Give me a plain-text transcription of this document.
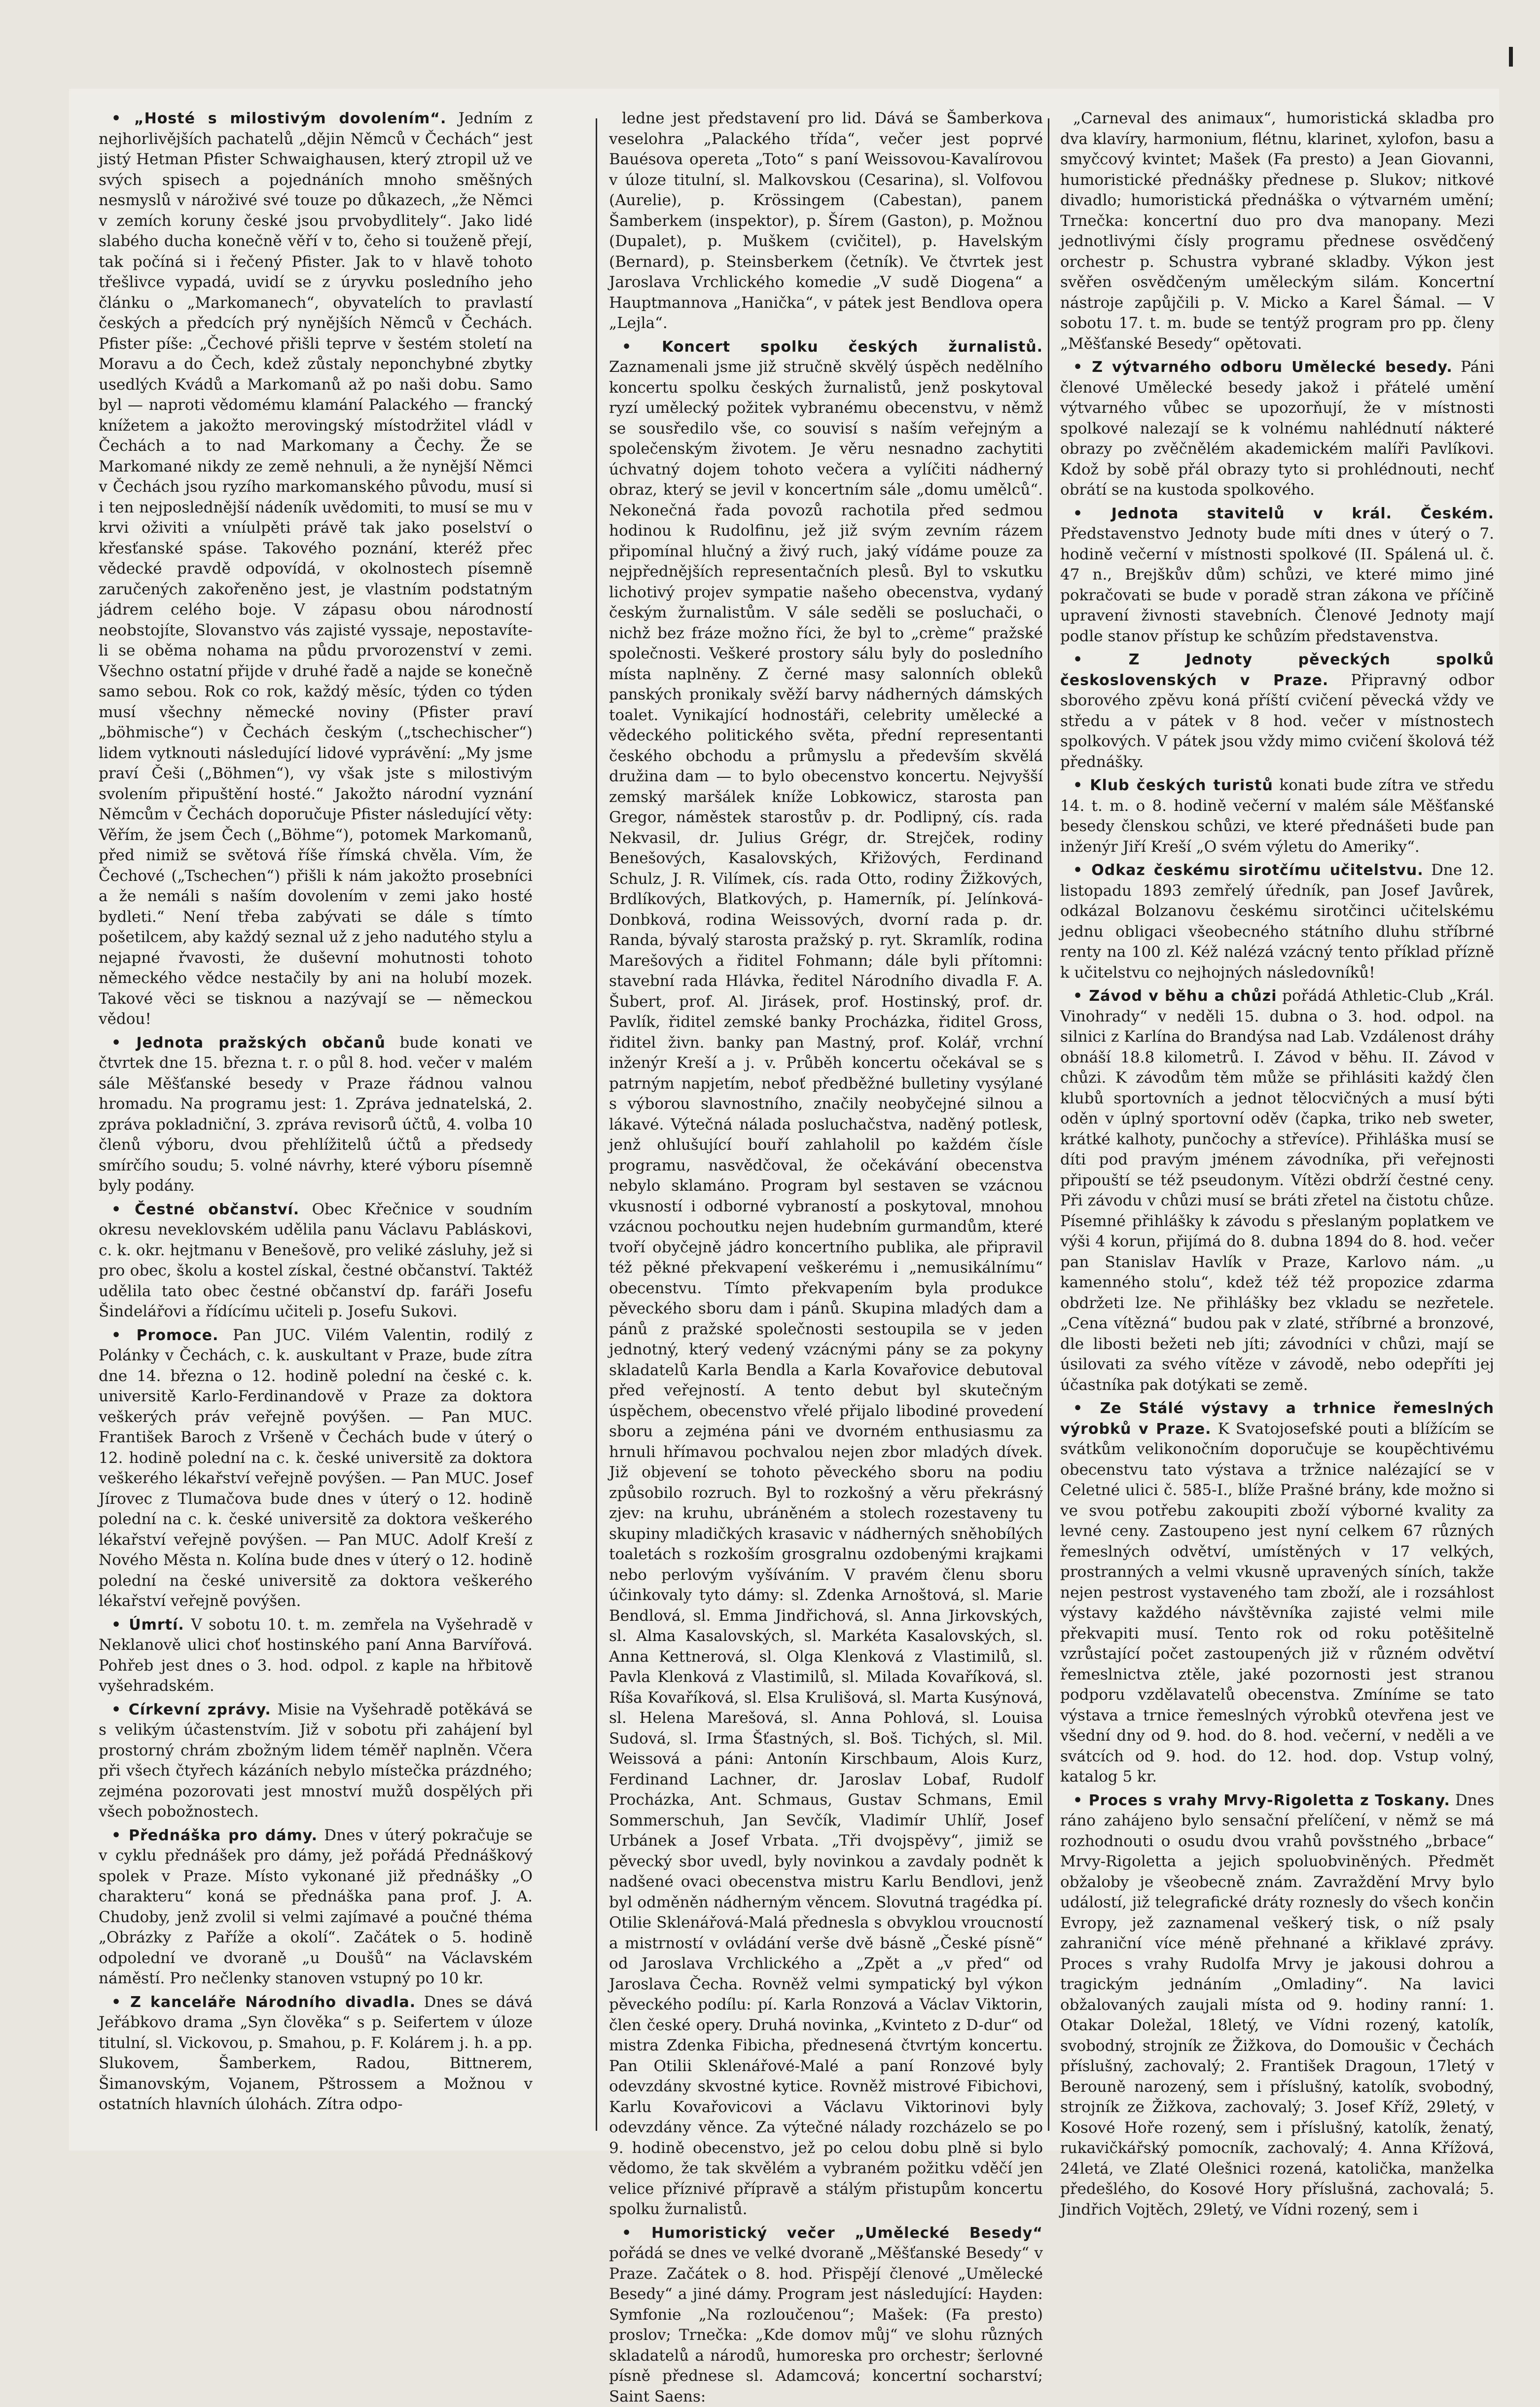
• „Hosté s milostivým dovolením“. Jedním z nejhorlivějších pachatelů „dějin Němců v Čechách“ jest jistý Hetman Pfister Schwaighausen, který ztropil už ve svých spisech a pojednáních mnoho směšných nesmyslů v nároživé své touze po důkazech, „že Němci v zemích koruny české jsou prvobydlitely“. Jako lidé slabého ducha konečně věří v to, čeho si touženě přejí, tak počíná si i řečený Pfister. Jak to v hlavě tohoto třešlivce vypadá, uvidí se z úryvku posledního jeho článku o „Markomanech“, obyvatelích to pravlastí českých a předcích prý nynějších Němců v Čechách. Pfister píše: „Čechové přišli teprve v šestém století na Moravu a do Čech, kdež zůstaly neponchybné zbytky usedlých Kvádů a Markomanů až po naši dobu. Samo byl — naproti vědomému klamání Palackého — francký knížetem a jakožto merovingský místodržitel vládl v Čechách a to nad Markomany a Čechy. Že se Markomané nikdy ze země nehnuli, a že nynější Němci v Čechách jsou ryzího markomanského původu, musí si i ten nejposlednější nádeník uvědomiti, to musí se mu v krvi oživiti a vníulpěti právě tak jako poselství o křesťanské spáse. Takového poznání, kteréž přec vědecké pravdě odpovídá, v okolnostech písemně zaručených zakořeněno jest, je vlastním podstatným jádrem celého boje. V zápasu obou národností neobstojíte, Slovanstvo vás zajisté vyssaje, nepostavíte-li se oběma nohama na půdu prvorozenství v zemi. Všechno ostatní přijde v druhé řadě a najde se konečně samo sebou. Rok co rok, každý měsíc, týden co týden musí všechny německé noviny (Pfister praví „böhmische“) v Čechách českým („tschechischer“) lidem vytknouti následující lidové vyprávění: „My jsme praví Češi („Böhmen“), vy však jste s milostivým svolením připuštění hosté.“ Jakožto národní vyznání Němcům v Čechách doporučuje Pfister následující věty: Věřím, že jsem Čech („Böhme“), potomek Markomanů, před nimiž se světová říše římská chvěla. Vím, že Čechové („Tschechen“) přišli k nám jakožto prosebníci a že nemáli s naším dovolením v zemi jako hosté bydleti.“ Není třeba zabývati se dále s tímto pošetilcem, aby každý seznal už z jeho nadutého stylu a nejapné řvavosti, že duševní mohutnosti tohoto německého vědce nestačily by ani na holubí mozek. Takové věci se tisknou a nazývají se — německou vědou!

• Jednota pražských občanů bude konati ve čtvrtek dne 15. března t. r. o půl 8. hod. večer v malém sále Měšťanské besedy v Praze řádnou valnou hromadu. Na programu jest: 1. Zpráva jednatelská, 2. zpráva pokladniční, 3. zpráva revisorů účtů, 4. volba 10 členů výboru, dvou přehlížitelů účtů a předsedy smírčího soudu; 5. volné návrhy, které výboru písemně byly podány.

• Čestné občanství. Obec Křečnice v soudním okresu neveklovském udělila panu Václavu Pabláskovi, c. k. okr. hejtmanu v Benešově, pro veliké zásluhy, jež si pro obec, školu a kostel získal, čestné občanství. Taktéž udělila tato obec čestné občanství dp. faráři Josefu Šindelářovi a řídícímu učiteli p. Josefu Sukovi.

• Promoce. Pan JUC. Vilém Valentin, rodilý z Polánky v Čechách, c. k. auskultant v Praze, bude zítra dne 14. března o 12. hodině polední na české c. k. universitě Karlo-Ferdinandově v Praze za doktora veškerých práv veřejně povýšen. — Pan MUC. František Baroch z Vršeně v Čechách bude v úterý o 12. hodině polední na c. k. české universitě za doktora veškerého lékařství veřejně povýšen. — Pan MUC. Josef Jírovec z Tlumačova bude dnes v úterý o 12. hodině polední na c. k. české universitě za doktora veškerého lékařství veřejně povýšen. — Pan MUC. Adolf Kreší z Nového Města n. Kolína bude dnes v úterý o 12. hodině polední na české universitě za doktora veškerého lékařství veřejně povýšen.

• Úmrtí. V sobotu 10. t. m. zemřela na Vyšehradě v Neklanově ulici choť hostinského paní Anna Barvířová. Pohřeb jest dnes o 3. hod. odpol. z kaple na hřbitově vyšehradském.

• Církevní zprávy. Misie na Vyšehradě potěkává se s velikým účastenstvím. Již v sobotu při zahájení byl prostorný chrám zbožným lidem téměř naplněn. Včera při všech čtyřech kázáních nebylo místečka prázdného; zejména pozorovati jest mnoství mužů dospělých při všech pobožnostech.

• Přednáška pro dámy. Dnes v úterý pokračuje se v cyklu přednášek pro dámy, jež pořádá Přednáškový spolek v Praze. Místo vykonané již přednášky „O charakteru“ koná se přednáška pana prof. J. A. Chudoby, jenž zvolil si velmi zajímavé a poučné théma „Obrázky z Paříže a okolí“. Začátek o 5. hodině odpolední ve dvoraně „u Doušů“ na Václavském náměstí. Pro nečlenky stanoven vstupný po 10 kr.

• Z kanceláře Národního divadla. Dnes se dává Jeřábkovo drama „Syn člověka“ s p. Seifertem v úloze titulní, sl. Vickovou, p. Smahou, p. F. Kolárem j. h. a pp. Slukovem, Šamberkem, Radou, Bittnerem, Šimanovským, Vojanem, Pštrossem a Možnou v ostatních hlavních úlohách. Zítra odpo-

ledne jest představení pro lid. Dává se Šamberkova veselohra „Palackého třída“, večer jest poprvé Bauésova opereta „Toto“ s paní Weissovou-Kavalírovou v úloze titulní, sl. Malkovskou (Cesarina), sl. Volfovou (Aurelie), p. Krössingem (Cabestan), panem Šamberkem (inspektor), p. Šírem (Gaston), p. Možnou (Dupalet), p. Muškem (cvičitel), p. Havelským (Bernard), p. Steinsberkem (četník). Ve čtvrtek jest Jaroslava Vrchlického komedie „V sudě Diogena“ a Hauptmannova „Hanička“, v pátek jest Bendlova opera „Lejla“.

• Koncert spolku českých žurnalistů. Zaznamenali jsme již stručně skvělý úspěch nedělního koncertu spolku českých žurnalistů, jenž poskytoval ryzí umělecký požitek vybranému obecenstvu, v němž se sousředilo vše, co souvisí s naším veřejným a společenským životem. Je věru nesnadno zachytiti úchvatný dojem tohoto večera a vylíčiti nádherný obraz, který se jevil v koncertním sále „domu umělců“. Nekonečná řada povozů rachotila před sedmou hodinou k Rudolfinu, jež již svým zevním rázem připomínal hlučný a živý ruch, jaký vídáme pouze za nejpřednějších representačních plesů. Byl to vskutku lichotivý projev sympatie našeho obecenstva, vydaný českým žurnalistům. V sále seděli se posluchači, o nichž bez fráze možno říci, že byl to „crème“ pražské společnosti. Veškeré prostory sálu byly do posledního místa naplněny. Z černé masy salonních obleků panských pronikaly svěží barvy nádherných dámských toalet. Vynikající hodnostáři, celebrity umělecké a vědeckého politického světa, přední representanti českého obchodu a průmyslu a především skvělá družina dam — to bylo obecenstvo koncertu. Nejvyšší zemský maršálek kníže Lobkowicz, starosta pan Gregor, náměstek starostův p. dr. Podlipný, cís. rada Nekvasil, dr. Julius Grégr, dr. Strejček, rodiny Benešových, Kasalovských, Křižových, Ferdinand Schulz, J. R. Vilímek, cís. rada Otto, rodiny Žižkových, Brdlíkových, Blatkových, p. Hamerník, pí. Jelínková-Donbková, rodina Weissových, dvorní rada p. dr. Randa, bývalý starosta pražský p. ryt. Skramlík, rodina Marešových a řiditel Fohmann; dále byli přítomni: stavební rada Hlávka, ředitel Národního divadla F. A. Šubert, prof. Al. Jirásek, prof. Hostinský, prof. dr. Pavlík, řiditel zemské banky Procházka, řiditel Gross, řiditel živn. banky pan Mastný, prof. Kolář, vrchní inženýr Kreší a j. v. Průběh koncertu očekával se s patrným napjetím, neboť předběžné bulletiny vysýlané s výborou slavnostního, značily neobyčejné silnou a lákavé. Výtečná nálada posluchačstva, naděný potlesk, jenž ohlušující bouří zahlaholil po každém čísle programu, nasvědčoval, že očekávání obecenstva nebylo sklamáno. Program byl sestaven se vzácnou vkusností i odborné vybraností a poskytoval, mnohou vzácnou pochoutku nejen hudebním gurmandům, které tvoří obyčejně jádro koncertního publika, ale připravil též pěkné překvapení veškerému i „nemusikálnímu“ obecenstvu. Tímto překvapením byla produkce pěveckého sboru dam i pánů. Skupina mladých dam a pánů z pražské společnosti sestoupila se v jeden jednotný, který vedený vzácnými pány se za pokyny skladatelů Karla Bendla a Karla Kovařovice debutoval před veřejností. A tento debut byl skutečným úspěchem, obecenstvo vřelé přijalo libodiné provedení sboru a zejména páni ve dvorném enthusiasmu za hrnuli hřímavou pochvalou nejen zbor mladých dívek. Již objevení se tohoto pěveckého sboru na podiu způsobilo rozruch. Byl to rozkošný a věru překrásný zjev: na kruhu, ubráněném a stolech rozestaveny tu skupiny mladičkých krasavic v nádherných sněhobílých toaletách s rozkoším grosgralnu ozdobenými krajkami nebo perlovým vyšíváním. V pravém členu sboru účinkovaly tyto dámy: sl. Zdenka Arnoštová, sl. Marie Bendlová, sl. Emma Jindřichová, sl. Anna Jirkovských, sl. Alma Kasalovských, sl. Markéta Kasalovských, sl. Anna Kettnerová, sl. Olga Klenková z Vlastimilů, sl. Pavla Klenková z Vlastimilů, sl. Milada Kovaříková, sl. Ríša Kovaříková, sl. Elsa Krulišová, sl. Marta Kusýnová, sl. Helena Marešová, sl. Anna Pohlová, sl. Louisa Sudová, sl. Irma Šťastných, sl. Boš. Tichých, sl. Mil. Weissová a páni: Antonín Kirschbaum, Alois Kurz, Ferdinand Lachner, dr. Jaroslav Lobaf, Rudolf Procházka, Ant. Schmaus, Gustav Schmans, Emil Sommerschuh, Jan Sevčík, Vladimír Uhlíř, Josef Urbánek a Josef Vrbata. „Tři dvojspěvy“, jimiž se pěvecký sbor uvedl, byly novinkou a zavdaly podnět k nadšené ovaci obecenstva mistru Karlu Bendlovi, jenž byl odměněn nádherným věncem. Slovutná tragédka pí. Otilie Sklenářová-Malá přednesla s obvyklou vroucností a mistrností v ovládání verše dvě básně „České písně“ od Jaroslava Vrchlického a „Zpět a „v před“ od Jaroslava Čecha. Rovněž velmi sympatický byl výkon pěveckého podílu: pí. Karla Ronzová a Václav Viktorin, člen české opery. Druhá novinka, „Kvinteto z D-dur“ od mistra Zdenka Fibicha, přednesená čtvrtým koncertu. Pan Otilii Sklenářové-Malé a paní Ronzové byly odevzdány skvostné kytice. Rovněž mistrové Fibichovi, Karlu Kovařovicovi a Václavu Viktorinovi byly odevzdány věnce. Za výtečné nálady rozcházelo se po 9. hodině obecenstvo, jež po celou dobu plně si bylo vědomo, že tak skvělém a vybraném požitku vděčí jen velice příznivé přípravě a stálým přistupům koncertu spolku žurnalistů.

• Humoristický večer „Umělecké Besedy“ pořádá se dnes ve velké dvoraně „Měšťanské Besedy“ v Praze. Začátek o 8. hod. Přispějí členové „Umělecké Besedy“ a jiné dámy. Program jest následující: Hayden: Symfonie „Na rozloučenou“; Mašek: (Fa presto) proslov; Trnečka: „Kde domov můj“ ve slohu různých skladatelů a národů, humoreska pro orchestr; šerlovné písně přednese sl. Adamcová; koncertní socharství; Saint Saens:

„Carneval des animaux“, humoristická skladba pro dva klavíry, harmonium, flétnu, klarinet, xylofon, basu a smyčcový kvintet; Mašek (Fa presto) a Jean Giovanni, humoristické přednášky přednese p. Slukov; nitkové divadlo; humoristická přednáška o výtvarném umění; Trnečka: koncertní duo pro dva manopany. Mezi jednotlivými čísly programu přednese osvědčený orchestr p. Schustra vybrané skladby. Výkon jest svěřen osvědčeným uměleckým silám. Koncertní nástroje zapůjčili p. V. Micko a Karel Šámal. — V sobotu 17. t. m. bude se tentýž program pro pp. členy „Měšťanské Besedy“ opětovati.

• Z výtvarného odboru Umělecké besedy. Páni členové Umělecké besedy jakož i přátelé umění výtvarného vůbec se upozorňují, že v místnosti spolkové nalezají se k volnému nahlédnutí nákteré obrazy po zvěčnělém akademickém malíři Pavlíkovi. Kdož by sobě přál obrazy tyto si prohlédnouti, nechť obrátí se na kustoda spolkového.

• Jednota stavitelů v král. Českém. Představenstvo Jednoty bude míti dnes v úterý o 7. hodině večerní v místnosti spolkové (II. Spálená ul. č. 47 n., Brejškův dům) schůzi, ve které mimo jiné pokračovati se bude v poradě stran zákona ve příčině upravení živnosti stavebních. Členové Jednoty mají podle stanov přístup ke schůzím představenstva.

• Z Jednoty pěveckých spolků československých v Praze. Připravný odbor sborového zpěvu koná příští cvičení pěvecká vždy ve středu a v pátek v 8 hod. večer v místnostech spolkových. V pátek jsou vždy mimo cvičení školová též přednášky.

• Klub českých turistů konati bude zítra ve středu 14. t. m. o 8. hodině večerní v malém sále Měšťanské besedy členskou schůzi, ve které přednášeti bude pan inženýr Jiří Kreší „O svém výletu do Ameriky“.

• Odkaz českému sirotčímu učitelstvu. Dne 12. listopadu 1893 zemřelý úředník, pan Josef Javůrek, odkázal Bolzanovu českému sirotčinci učitelskému jednu obligaci všeobecného státního dluhu stříbrné renty na 100 zl. Kéž nalézá vzácný tento příklad přízně k učitelstvu co nejhojných následovníků!

• Závod v běhu a chůzi pořádá Athletic-Club „Král. Vinohrady“ v neděli 15. dubna o 3. hod. odpol. na silnici z Karlína do Brandýsa nad Lab. Vzdálenost dráhy obnáší 18.8 kilometrů. I. Závod v běhu. II. Závod v chůzi. K závodům těm může se přihlásiti každý člen klubů sportovních a jednot tělocvičných a musí býti oděn v úplný sportovní oděv (čapka, triko neb sweter, krátké kalhoty, punčochy a střevíce). Přihláška musí se díti pod pravým jménem závodníka, při veřejnosti připouští se též pseudonym. Vítězi obdrží čestné ceny. Při závodu v chůzi musí se bráti zřetel na čistotu chůze. Písemné přihlášky k závodu s přeslaným poplatkem ve výši 4 korun, přijímá do 8. dubna 1894 do 8. hod. večer pan Stanislav Havlík v Praze, Karlovo nám. „u kamenného stolu“, kdež též též propozice zdarma obdržeti lze. Ne přihlášky bez vkladu se nezřetele. „Cena vítězná“ budou pak v zlaté, stříbrné a bronzové, dle libosti bežeti neb jíti; závodníci v chůzi, mají se úsilovati za svého vítěze v závodě, nebo odepříti jej účastníka pak dotýkati se země.

• Ze Stálé výstavy a trhnice řemeslných výrobků v Praze. K Svatojosefské pouti a blížícím se svátkům velikonočním doporučuje se koupěchtivému obecenstvu tato výstava a tržnice nalézající se v Celetné ulici č. 585-I., blíže Prašné brány, kde možno si ve svou potřebu zakoupiti zboží výborné kvality za levné ceny. Zastoupeno jest nyní celkem 67 různých řemeslných odvětví, umístěných v 17 velkých, prostranných a velmi vkusně upravených síních, takže nejen pestrost vystaveného tam zboží, ale i rozsáhlost výstavy každého návštěvníka zajisté velmi mile překvapiti musí. Tento rok od roku potěšitelně vzrůstající počet zastoupených již v různém odvětví řemeslnictva ztěle, jaké pozornosti jest stranou podporu vzdělavatelů obecenstva. Zmíníme se tato výstava a trnice řemeslných výrobků otevřena jest ve všední dny od 9. hod. do 8. hod. večerní, v neděli a ve svátcích od 9. hod. do 12. hod. dop. Vstup volný, katalog 5 kr.

• Proces s vrahy Mrvy-Rigoletta z Toskany. Dnes ráno zahájeno bylo sensační přelíčení, v němž se má rozhodnouti o osudu dvou vrahů povšstného „brbace“ Mrvy-Rigoletta a jejich spoluobviněných. Předmět obžaloby je všeobecně znám. Zavraždění Mrvy bylo událostí, již telegrafické dráty roznesly do všech končin Evropy, jež zaznamenal veškerý tisk, o níž psaly zahraniční více méně přehnané a křiklavé zprávy. Proces s vrahy Rudolfa Mrvy je jakousi dohrou a tragickým jednáním „Omladiny“. Na lavici obžalovaných zaujali místa od 9. hodiny ranní: 1. Otakar Doležal, 18letý, ve Vídni rozený, katolík, svobodný, strojník ze Žižkova, do Domoušic v Čechách příslušný, zachovalý; 2. František Dragoun, 17letý v Berouně narozený, sem i příslušný, katolík, svobodný, strojník ze Žižkova, zachovalý; 3. Josef Kříž, 29letý, v Kosové Hoře rozený, sem i příslušný, katolík, ženatý, rukavičkářský pomocník, zachovalý; 4. Anna Křížová, 24letá, ve Zlaté Olešnici rozená, katolička, manželka předešlého, do Kosové Hory příslušná, zachovalá; 5. Jindřich Vojtěch, 29letý, ve Vídni rozený, sem i
